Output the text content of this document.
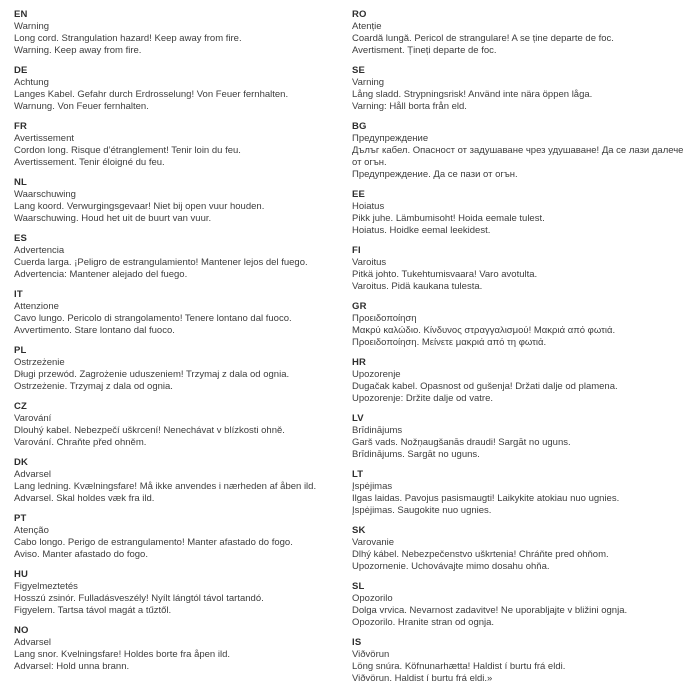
EN
Warning
Long cord. Strangulation hazard! Keep away from fire.
Warning. Keep away from fire.
DE
Achtung
Langes Kabel. Gefahr durch Erdrosselung! Von Feuer fernhalten.
Warnung. Von Feuer fernhalten.
FR
Avertissement
Cordon long. Risque d’étranglement! Tenir loin du feu.
Avertissement. Tenir éloigné du feu.
NL
Waarschuwing
Lang koord. Verwurgingsgevaar! Niet bij open vuur houden.
Waarschuwing. Houd het uit de buurt van vuur.
ES
Advertencia
Cuerda larga. ¡Peligro de estrangulamiento! Mantener lejos del fuego.
Advertencia: Mantener alejado del fuego.
IT
Attenzione
Cavo lungo. Pericolo di strangolamento! Tenere lontano dal fuoco.
Avvertimento. Stare lontano dal fuoco.
PL
Ostrzeżenie
Długi przewód. Zagrożenie uduszeniem! Trzymaj z dala od ognia.
Ostrzeżenie. Trzymaj z dala od ognia.
CZ
Varování
Dlouhý kabel. Nebezpečí uškrcení! Nenechávat v blízkosti ohně.
Varování. Chraňte před ohněm.
DK
Advarsel
Lang ledning. Kvælningsfare! Må ikke anvendes i nærheden af åben ild.
Advarsel. Skal holdes væk fra ild.
PT
Atenção
Cabo longo. Perigo de estrangulamento! Manter afastado do fogo.
Aviso. Manter afastado do fogo.
HU
Figyelmeztetés
Hosszú zsinór. Fulladásveszély! Nyílt lángtól távol tartandó.
Figyelem. Tartsa távol magát a tűztől.
NO
Advarsel
Lang snor. Kvelningsfare! Holdes borte fra åpen ild.
Advarsel: Hold unna brann.
RO
Atenție
Coardă lungă. Pericol de strangulare! A se ține departe de foc.
Avertisment. Țineți departe de foc.
SE
Varning
Lång sladd. Strypningsrisk! Använd inte nära öppen låga.
Varning: Håll borta från eld.
BG
Предупреждение
Дълъг кабел. Опасност от задушаване чрез удушаване! Да се лази далече
от огън.
Предупреждение. Да се пази от огън.
EE
Hoiatus
Pikk juhe. Lämbumisoht! Hoida eemale tulest.
Hoiatus. Hoidke eemal leekidest.
FI
Varoitus
Pitkä johto. Tukehtumisvaara! Varo avotulta.
Varoitus. Pidä kaukana tulesta.
GR
Προειδοποίηση
Μακρύ καλώδιο. Κίνδυνος στραγγαλισμού! Μακριά από φωτιά.
Προειδοποίηση. Μείνετε μακριά από τη φωτιά.
HR
Upozorenje
Dugačak kabel. Opasnost od gušenja! Držati dalje od plamena.
Upozorenje: Držite dalje od vatre.
LV
Brīdinājums
Garš vads. Nožņaugšanās draudi! Sargāt no uguns.
Brīdinājums. Sargāt no uguns.
LT
Įspėjimas
Ilgas laidas. Pavojus pasismaugti! Laikykite atokiau nuo ugnies.
Įspėjimas. Saugokite nuo ugnies.
SK
Varovanie
Dlhý kábel. Nebezpečenstvo uškrtenia! Chráňte pred ohňom.
Upozornenie. Uchovávajte mimo dosahu ohňa.
SL
Opozorilo
Dolga vrvica. Nevarnost zadavitve! Ne uporabljajte v bližini ognja.
Opozorilo. Hranite stran od ognja.
IS
Viðvörun
Löng snúra. Köfnunarhætta! Haldist í burtu frá eldi.
Viðvörun. Haldist í burtu frá eldi.»
